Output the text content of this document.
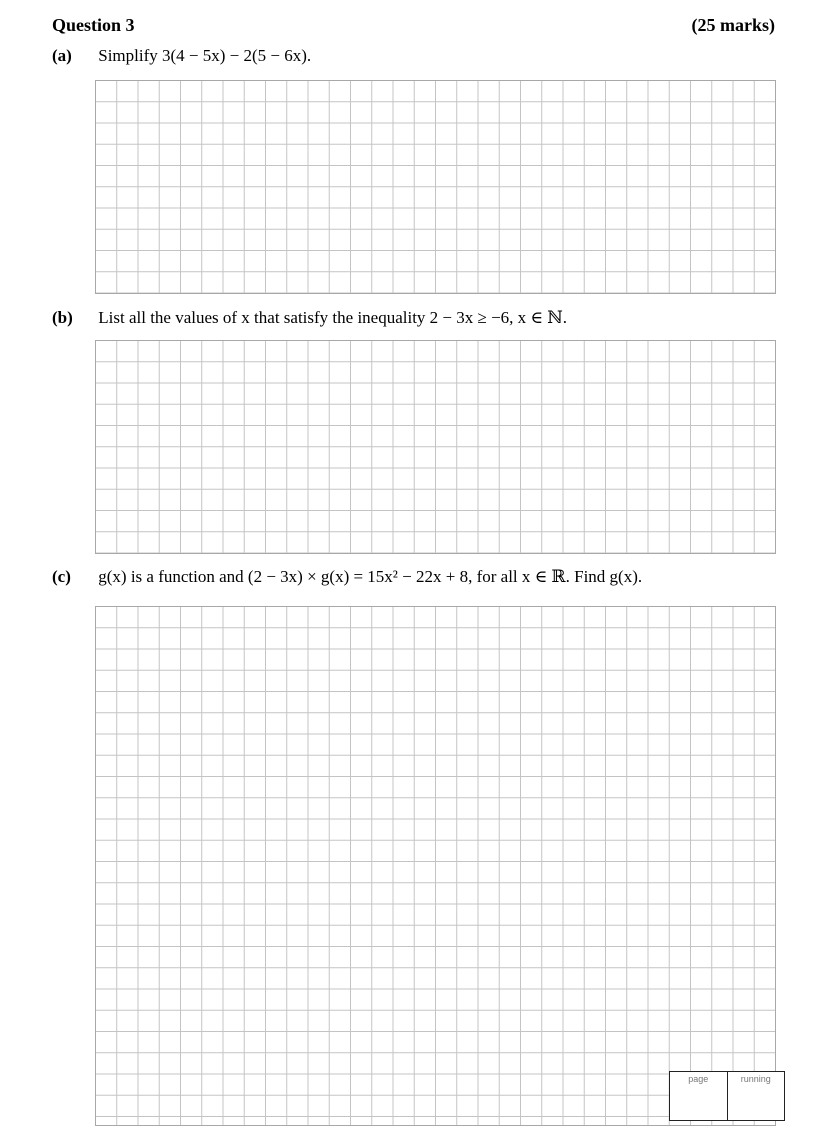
Question 3	(25 marks)
(a) Simplify 3(4 − 5x) − 2(5 − 6x).
(b) List all the values of x that satisfy the inequality 2 − 3x ≥ −6, x ∈ ℕ.
(c) g(x) is a function and (2 − 3x) × g(x) = 15x² − 22x + 8, for all x ∈ ℝ. Find g(x).
page	running
